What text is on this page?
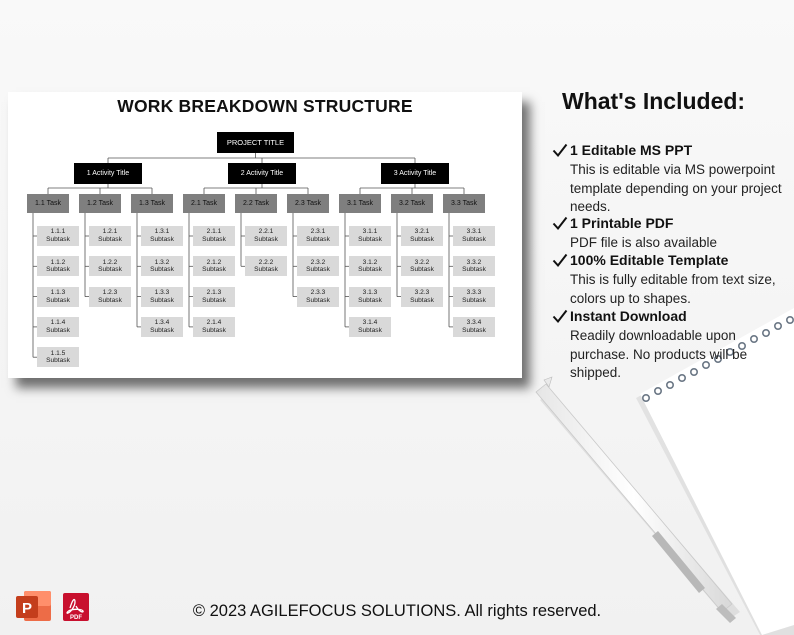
WORK BREAKDOWN STRUCTURE
PROJECT TITLE
1 Activity Title
1.1 Task
1.1.1
Subtask
1.1.2
Subtask
1.1.3
Subtask
1.1.4
Subtask
1.1.5
Subtask
1.2 Task
1.2.1
Subtask
1.2.2
Subtask
1.2.3
Subtask
1.3 Task
1.3.1
Subtask
1.3.2
Subtask
1.3.3
Subtask
1.3.4
Subtask
2 Activity Title
2.1 Task
2.1.1
Subtask
2.1.2
Subtask
2.1.3
Subtask
2.1.4
Subtask
2.2 Task
2.2.1
Subtask
2.2.2
Subtask
2.3 Task
2.3.1
Subtask
2.3.2
Subtask
2.3.3
Subtask
3 Activity Title
3.1 Task
3.1.1
Subtask
3.1.2
Subtask
3.1.3
Subtask
3.1.4
Subtask
3.2 Task
3.2.1
Subtask
3.2.2
Subtask
3.2.3
Subtask
3.3 Task
3.3.1
Subtask
3.3.2
Subtask
3.3.3
Subtask
3.3.4
Subtask
What's Included:
1 Editable MS PPT
This is editable via MS powerpoint template depending on your project needs.
1 Printable PDF
PDF file is also available
100% Editable Template
This is fully editable from text size, colors up to shapes.
Instant Download
Readily downloadable upon purchase. No products will be shipped.
P
PDF	© 2023 AGILEFOCUS SOLUTIONS. All rights reserved.
